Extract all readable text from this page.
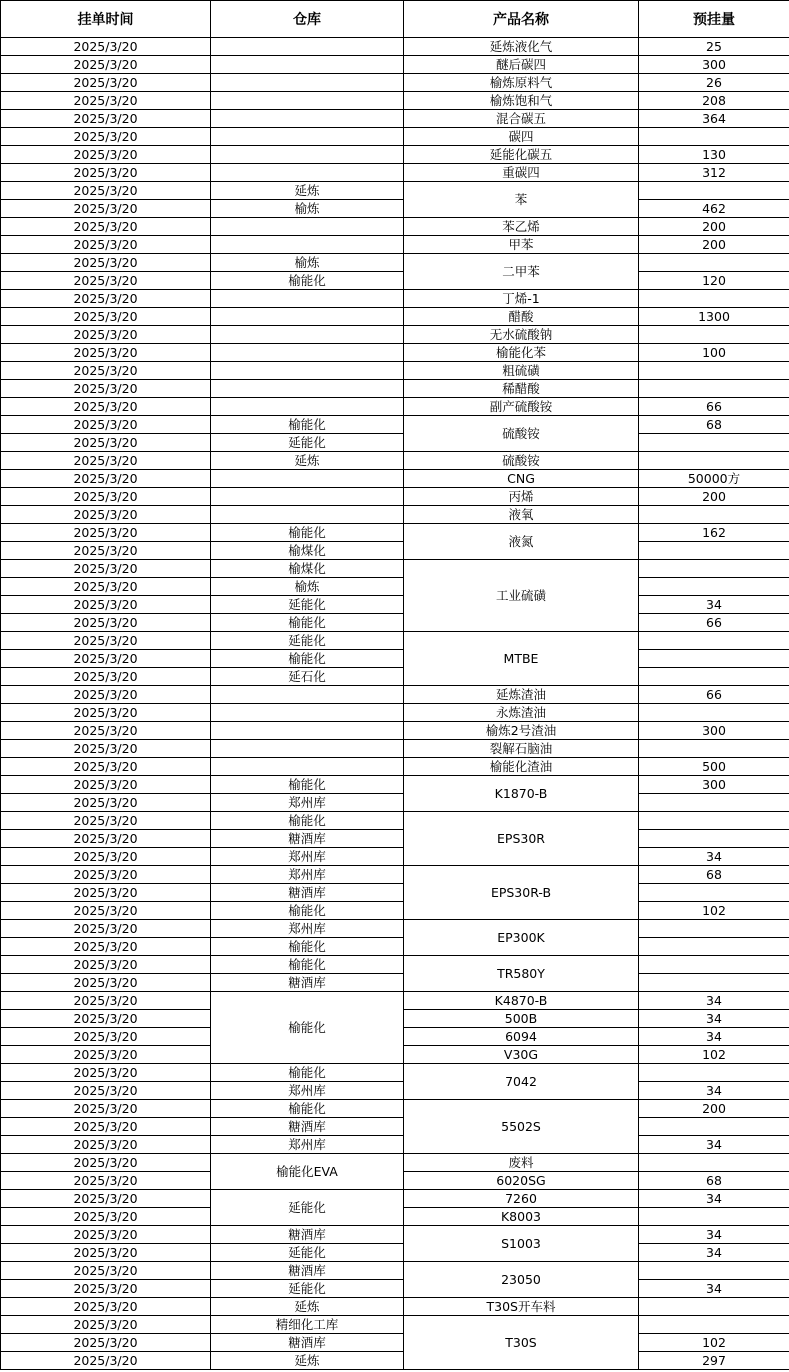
挂单时间	仓库	产品名称	预挂量
2025/3/20		延炼液化气	25
2025/3/20		醚后碳四	300
2025/3/20		榆炼原料气	26
2025/3/20		榆炼饱和气	208
2025/3/20		混合碳五	364
2025/3/20		碳四	
2025/3/20		延能化碳五	130
2025/3/20		重碳四	312
2025/3/20	延炼	苯	
2025/3/20	榆炼		462
2025/3/20		苯乙烯	200
2025/3/20		甲苯	200
2025/3/20	榆炼	二甲苯	
2025/3/20	榆能化		120
2025/3/20		丁烯-1	
2025/3/20		醋酸	1300
2025/3/20		无水硫酸钠	
2025/3/20		榆能化苯	100
2025/3/20		粗硫磺	
2025/3/20		稀醋酸	
2025/3/20		副产硫酸铵	66
2025/3/20	榆能化	硫酸铵	68
2025/3/20	延能化		
2025/3/20	延炼	硫酸铵	
2025/3/20		CNG	50000方
2025/3/20		丙烯	200
2025/3/20		液氧	
2025/3/20	榆能化	液氮	162
2025/3/20	榆煤化		
2025/3/20	榆煤化	工业硫磺	
2025/3/20	榆炼		
2025/3/20	延能化		34
2025/3/20	榆能化		66
2025/3/20	延能化	MTBE	
2025/3/20	榆能化		
2025/3/20	延石化		
2025/3/20		延炼渣油	66
2025/3/20		永炼渣油	
2025/3/20		榆炼2号渣油	300
2025/3/20		裂解石脑油	
2025/3/20		榆能化渣油	500
2025/3/20	榆能化	K1870-B	300
2025/3/20	郑州库		
2025/3/20	榆能化	EPS30R	
2025/3/20	糖酒库		
2025/3/20	郑州库		34
2025/3/20	郑州库	EPS30R-B	68
2025/3/20	糖酒库		
2025/3/20	榆能化		102
2025/3/20	郑州库	EP300K	
2025/3/20	榆能化		
2025/3/20	榆能化	TR580Y	
2025/3/20	糖酒库		
2025/3/20	榆能化	K4870-B	34
2025/3/20		500B	34
2025/3/20		6094	34
2025/3/20		V30G	102
2025/3/20	榆能化	7042	
2025/3/20	郑州库		34
2025/3/20	榆能化	5502S	200
2025/3/20	糖酒库		
2025/3/20	郑州库		34
2025/3/20	榆能化EVA	废料	
2025/3/20		6020SG	68
2025/3/20	延能化	7260	34
2025/3/20		K8003	
2025/3/20	糖酒库	S1003	34
2025/3/20	延能化		34
2025/3/20	糖酒库	23050	
2025/3/20	延能化		34
2025/3/20	延炼	T30S开车料	
2025/3/20	精细化工库	T30S	
2025/3/20	糖酒库		102
2025/3/20	延炼		297
